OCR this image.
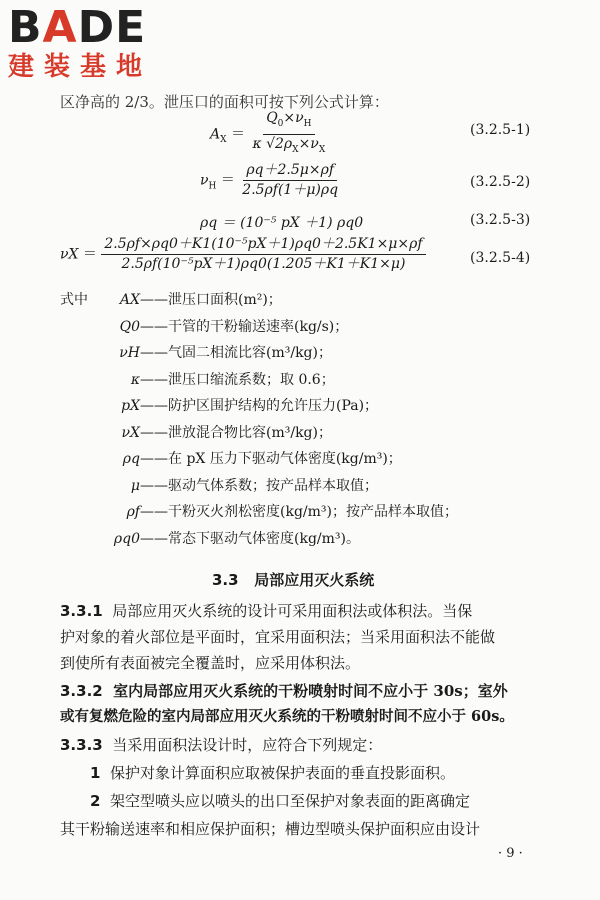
BADE
建装基地
区净高的 2/3。泄压口的面积可按下列公式计算：
$A_X = \frac{Q_0\times\nu_H}{\kappa √2\rho_X\times\nu_X}$	(3.2.5-1)
$\nu_H = \frac{\rho q+2.5\mu\times\rho f}{2.5\rho f(1+\mu)\rho q}$	(3.2.5-2)
ρq ＝ (10⁻⁵ pX ＋1) ρq0	(3.2.5-3)
$\nu X = \frac{\text{2.5ρf×ρq0＋K1(10⁻⁵pX＋1)ρq0＋2.5K1×μ×ρf}}{\text{2.5ρf(10⁻⁵pX＋1)ρq0(1.205＋K1＋K1×μ)}}$	(3.2.5-4)
式中	AX——泄压口面积(m²)；
Q0——干管的干粉输送速率(kg/s)；
νH——气固二相流比容(m³/kg)；
κ——泄压口缩流系数；取 0.6；
pX——防护区围护结构的允许压力(Pa)；
νX——泄放混合物比容(m³/kg)；
ρq——在 pX 压力下驱动气体密度(kg/m³)；
μ——驱动气体系数；按产品样本取值；
ρf——干粉灭火剂松密度(kg/m³)；按产品样本取值；
ρq0——常态下驱动气体密度(kg/m³)。
3.3 局部应用灭火系统
3.3.1 局部应用灭火系统的设计可采用面积法或体积法。当保
护对象的着火部位是平面时，宜采用面积法；当采用面积法不能做
到使所有表面被完全覆盖时，应采用体积法。
3.3.2 室内局部应用灭火系统的干粉喷射时间不应小于 30s；室外
或有复燃危险的室内局部应用灭火系统的干粉喷射时间不应小于 60s。
3.3.3 当采用面积法设计时，应符合下列规定：
1 保护对象计算面积应取被保护表面的垂直投影面积。
2 架空型喷头应以喷头的出口至保护对象表面的距离确定
其干粉输送速率和相应保护面积；槽边型喷头保护面积应由设计
· 9 ·
